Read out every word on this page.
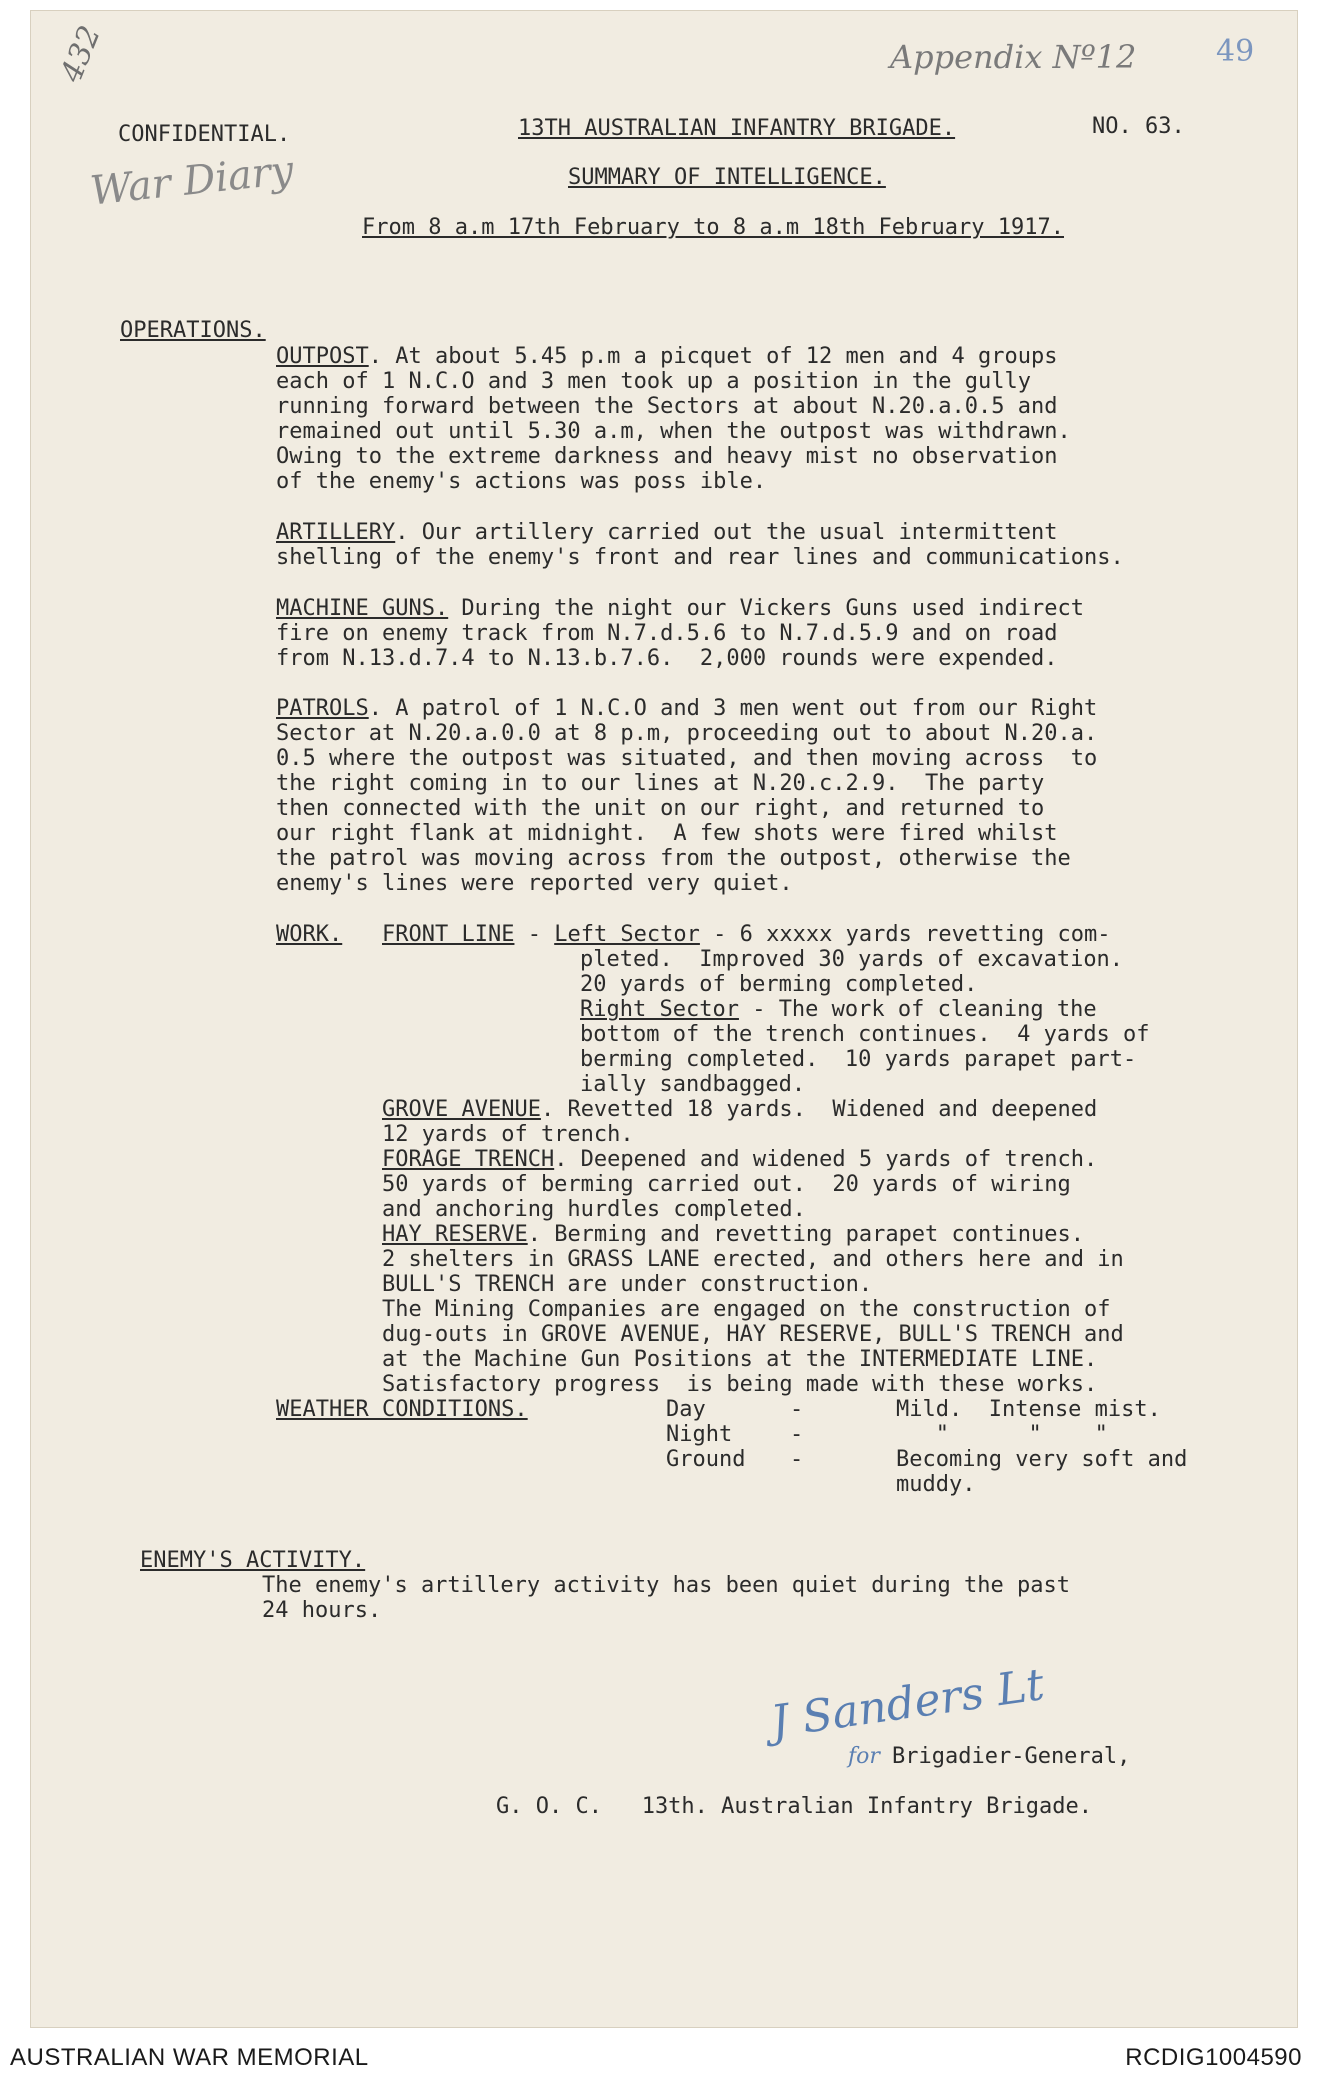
Appendix Nº12	49
432
War Diary
CONFIDENTIAL.	13TH AUSTRALIAN INFANTRY BRIGADE.	NO. 63.
SUMMARY OF INTELLIGENCE.
From 8 a.m 17th February to 8 a.m 18th February 1917.
OPERATIONS.
OUTPOST. At about 5.45 p.m a picquet of 12 men and 4 groups
each of 1 N.C.O and 3 men took up a position in the gully
running forward between the Sectors at about N.20.a.0.5 and
remained out until 5.30 a.m, when the outpost was withdrawn.
Owing to the extreme darkness and heavy mist no observation
of the enemy's actions was poss ible.
ARTILLERY. Our artillery carried out the usual intermittent
shelling of the enemy's front and rear lines and communications.
MACHINE GUNS. During the night our Vickers Guns used indirect
fire on enemy track from N.7.d.5.6 to N.7.d.5.9 and on road
from N.13.d.7.4 to N.13.b.7.6.  2,000 rounds were expended.
PATROLS. A patrol of 1 N.C.O and 3 men went out from our Right
Sector at N.20.a.0.0 at 8 p.m, proceeding out to about N.20.a.
0.5 where the outpost was situated, and then moving across  to
the right coming in to our lines at N.20.c.2.9.  The party
then connected with the unit on our right, and returned to
our right flank at midnight.  A few shots were fired whilst
the patrol was moving across from the outpost, otherwise the
enemy's lines were reported very quiet.
WORK. FRONT LINE - Left Sector - 6 xxxxx yards revetting com-
pleted.  Improved 30 yards of excavation.
20 yards of berming completed.
Right Sector - The work of cleaning the
bottom of the trench continues.  4 yards of
berming completed.  10 yards parapet part-
ially sandbagged.
GROVE AVENUE. Revetted 18 yards.  Widened and deepened
12 yards of trench.
FORAGE TRENCH. Deepened and widened 5 yards of trench.
50 yards of berming carried out.  20 yards of wiring
and anchoring hurdles completed.
HAY RESERVE. Berming and revetting parapet continues.
2 shelters in GRASS LANE erected, and others here and in
BULL'S TRENCH are under construction.
The Mining Companies are engaged on the construction of
dug-outs in GROVE AVENUE, HAY RESERVE, BULL'S TRENCH and
at the Machine Gun Positions at the INTERMEDIATE LINE.
Satisfactory progress  is being made with these works.
WEATHER CONDITIONS.	Day	-	Mild.  Intense mist.
Night	-	"      "    "
Ground -	Becoming very soft and
muddy.
ENEMY'S ACTIVITY.
The enemy's artillery activity has been quiet during the past
24 hours.
J Sanders Lt
for Brigadier-General,
G. O. C.   13th. Australian Infantry Brigade.
AUSTRALIAN WAR MEMORIAL	RCDIG1004590
